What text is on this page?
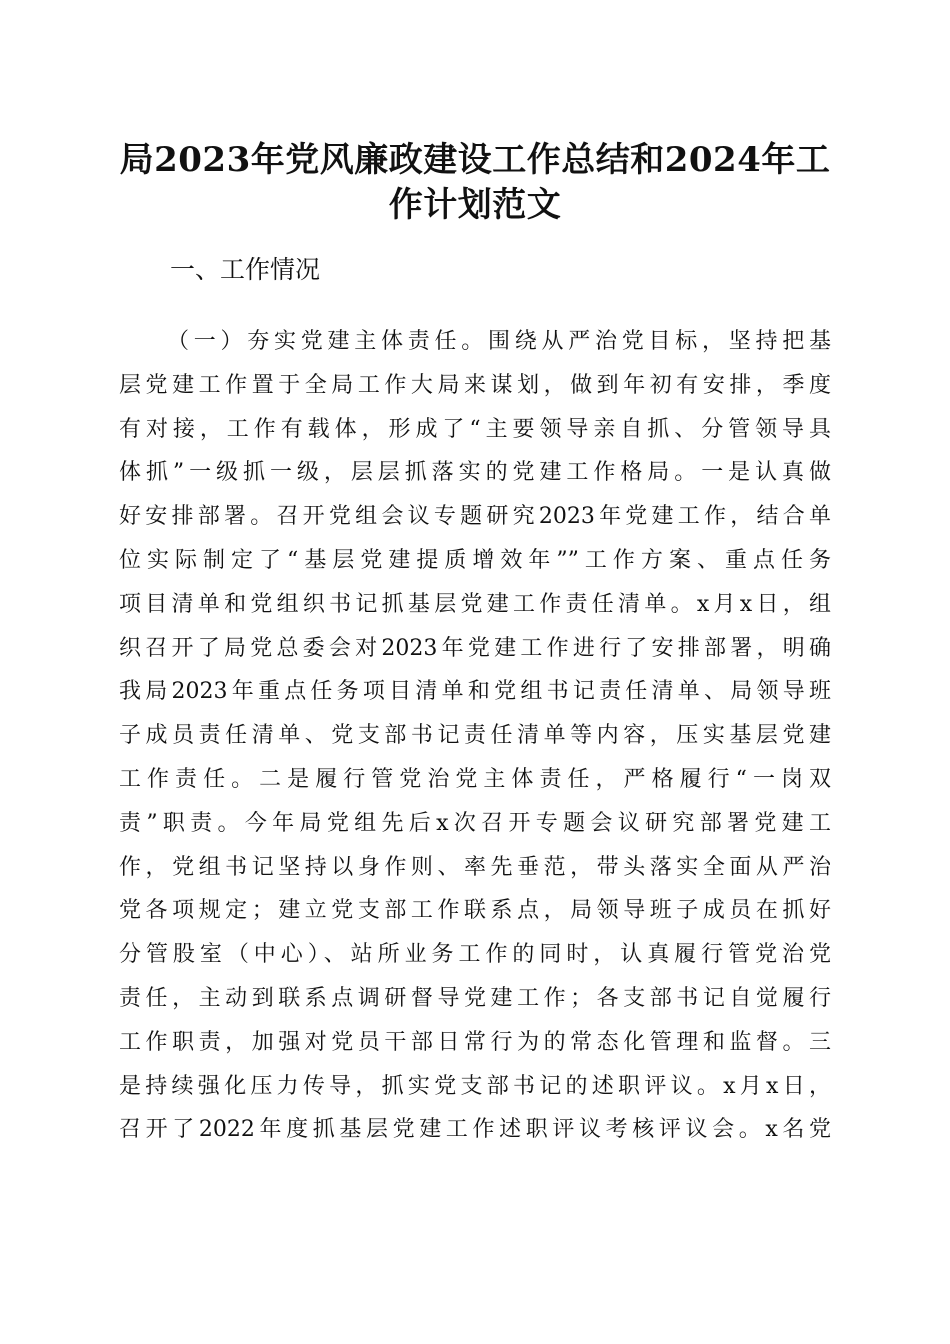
局2023年党风廉政建设工作总结和2024年工
作计划范文
一、工作情况
（一）夯实党建主体责任。围绕从严治党目标，坚持把基
层党建工作置于全局工作大局来谋划，做到年初有安排，季度
有对接，工作有载体，形成了“主要领导亲自抓、分管领导具
体抓”一级抓一级，层层抓落实的党建工作格局。一是认真做
好安排部署。召开党组会议专题研究2023年党建工作，结合单
位实际制定了“基层党建提质增效年””工作方案、重点任务
项目清单和党组织书记抓基层党建工作责任清单。x月x日，组
织召开了局党总委会对2023年党建工作进行了安排部署，明确
我局2023年重点任务项目清单和党组书记责任清单、局领导班
子成员责任清单、党支部书记责任清单等内容，压实基层党建
工作责任。二是履行管党治党主体责任，严格履行“一岗双
责”职责。今年局党组先后x次召开专题会议研究部署党建工
作，党组书记坚持以身作则、率先垂范，带头落实全面从严治
党各项规定；建立党支部工作联系点，局领导班子成员在抓好
分管股室（中心）、站所业务工作的同时，认真履行管党治党
责任，主动到联系点调研督导党建工作；各支部书记自觉履行
工作职责，加强对党员干部日常行为的常态化管理和监督。三
是持续强化压力传导，抓实党支部书记的述职评议。x月x日，
召开了2022年度抓基层党建工作述职评议考核评议会。x名党
